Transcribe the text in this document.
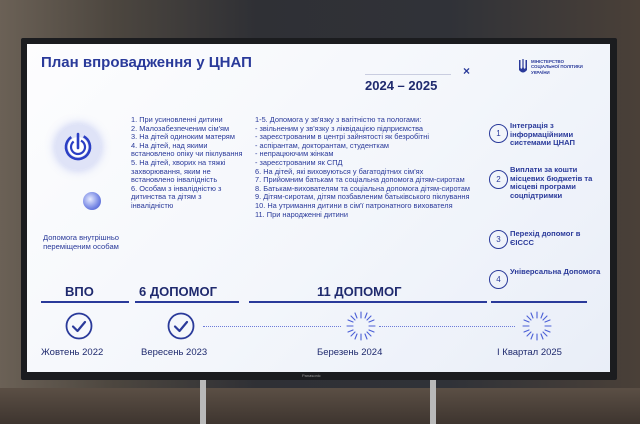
Panasonic
План впровадження у ЦНАП
2024 – 2025
×
МІНІСТЕРСТВО СОЦІАЛЬНОЇ ПОЛІТИКИ УКРАЇНИ
Допомога внутрішньо переміщеним особам
1. При усиновленні дитини
2. Малозабезпеченим сім'ям
3. На дітей одиноким матерям
4. На дітей, над якими встановлено опіку чи піклування
5. На дітей, хворих на тяжкі захворювання, яким не встановлено інвалідність
6. Особам з інвалідністю з дитинства та дітям з інвалідністю
1-5. Допомога у зв'язку з вагітністю та пологами:
- звільненим у зв'язку з ліквідацією підприємства
- зареєстрованим в центрі зайнятості як безробітні
- аспірантам, докторантам, студенткам
- непрацюючим жінкам
- зареєстрованим як СПД
6. На дітей, які виховуються у багатодітних сім'ях
7. Прийомним батькам та соціальна допомога дітям-сиротам
8. Батькам-вихователям та соціальна допомога дітям-сиротам
9. Дітям-сиротам, дітям позбавленим батьківського піклування
10. На утримання дитини в сім'ї патронатного вихователя
11. При народженні дитини
1
Інтеграція з інформаційними системами ЦНАП
2
Виплати за кошти місцевих бюджетів та місцеві програми соцпідтримки
3
Перехід допомог в ЄІССС
4
Універсальна Допомога
ВПО	6 ДОПОМОГ	11 ДОПОМОГ
Жовтень 2022	Вересень 2023	Березень 2024	І Квартал 2025
